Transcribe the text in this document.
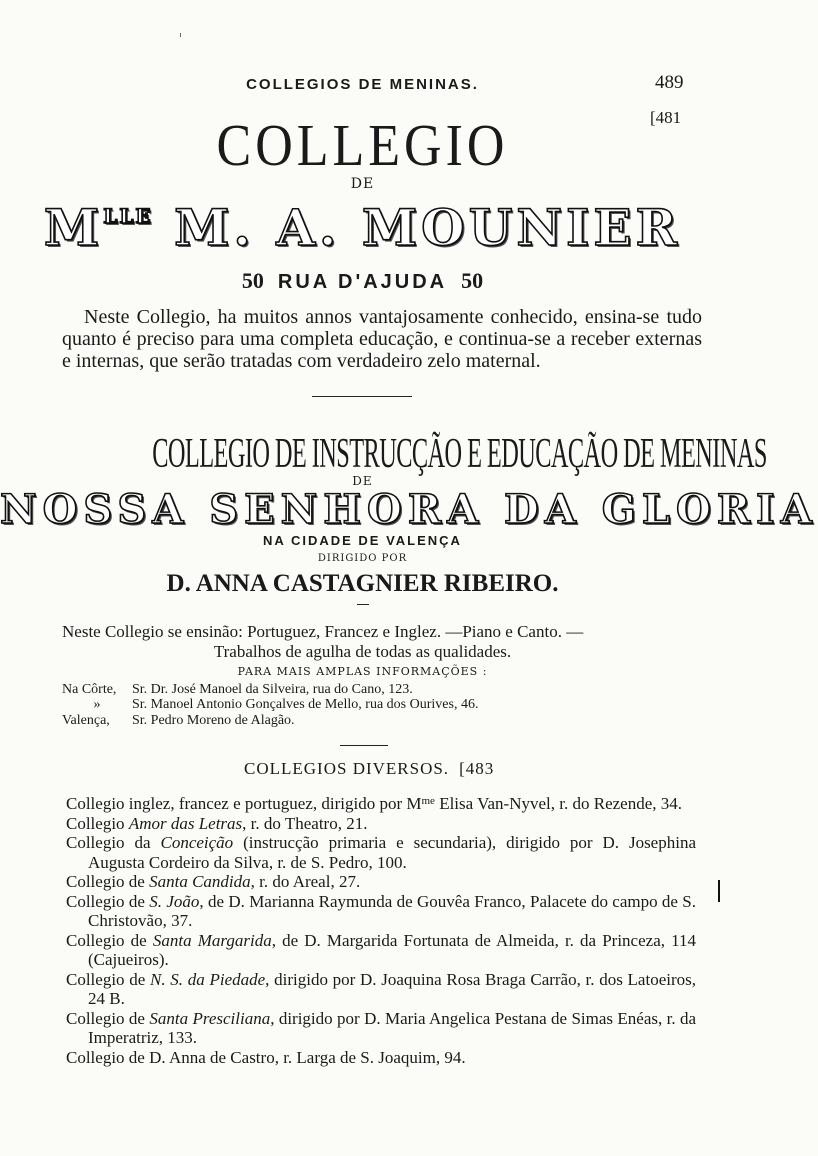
COLLEGIOS DE MENINAS.	489
[481
COLLEGIO
DE
$M^{LLE}$ M. A. MOUNIER
50 RUA D'AJUDA 50
Neste Collegio, ha muitos annos vantajosamente conhecido, ensina-se tudo quanto é preciso para uma completa educação, e continua-se a receber externas e internas, que serão tratadas com verdadeiro zelo maternal.
COLLEGIO DE INSTRUCÇÃO E EDUCAÇÃO DE MENINAS
DE
NOSSA SENHORA DA GLORIA
NA CIDADE DE VALENÇA
DIRIGIDO POR
D. ANNA CASTAGNIER RIBEIRO.
Neste Collegio se ensinão: Portuguez, Francez e Inglez. —Piano e Canto. —
Trabalhos de agulha de todas as qualidades.
PARA MAIS AMPLAS INFORMAÇÕES :
Na Côrte, Sr. Dr. José Manoel da Silveira, rua do Cano, 123.
» Sr. Manoel Antonio Gonçalves de Mello, rua dos Ourives, 46.
Valença, Sr. Pedro Moreno de Alagão.
COLLEGIOS DIVERSOS. [483
Collegio inglez, francez e portuguez, dirigido por $M^{me}$ Elisa Van-Nyvel, r. do Rezende, 34.
Collegio Amor das Letras, r. do Theatro, 21.
Collegio da Conceição (instrucção primaria e secundaria), dirigido por D. Josephina Augusta Cordeiro da Silva, r. de S. Pedro, 100.
Collegio de Santa Candida, r. do Areal, 27.
Collegio de S. João, de D. Marianna Raymunda de Gouvêa Franco, Palacete do campo de S. Christovão, 37.
Collegio de Santa Margarida, de D. Margarida Fortunata de Almeida, r. da Princeza, 114 (Cajueiros).
Collegio de N. S. da Piedade, dirigido por D. Joaquina Rosa Braga Carrão, r. dos Latoeiros, 24 B.
Collegio de Santa Presciliana, dirigido por D. Maria Angelica Pestana de Simas Enéas, r. da Imperatriz, 133.
Collegio de D. Anna de Castro, r. Larga de S. Joaquim, 94.
